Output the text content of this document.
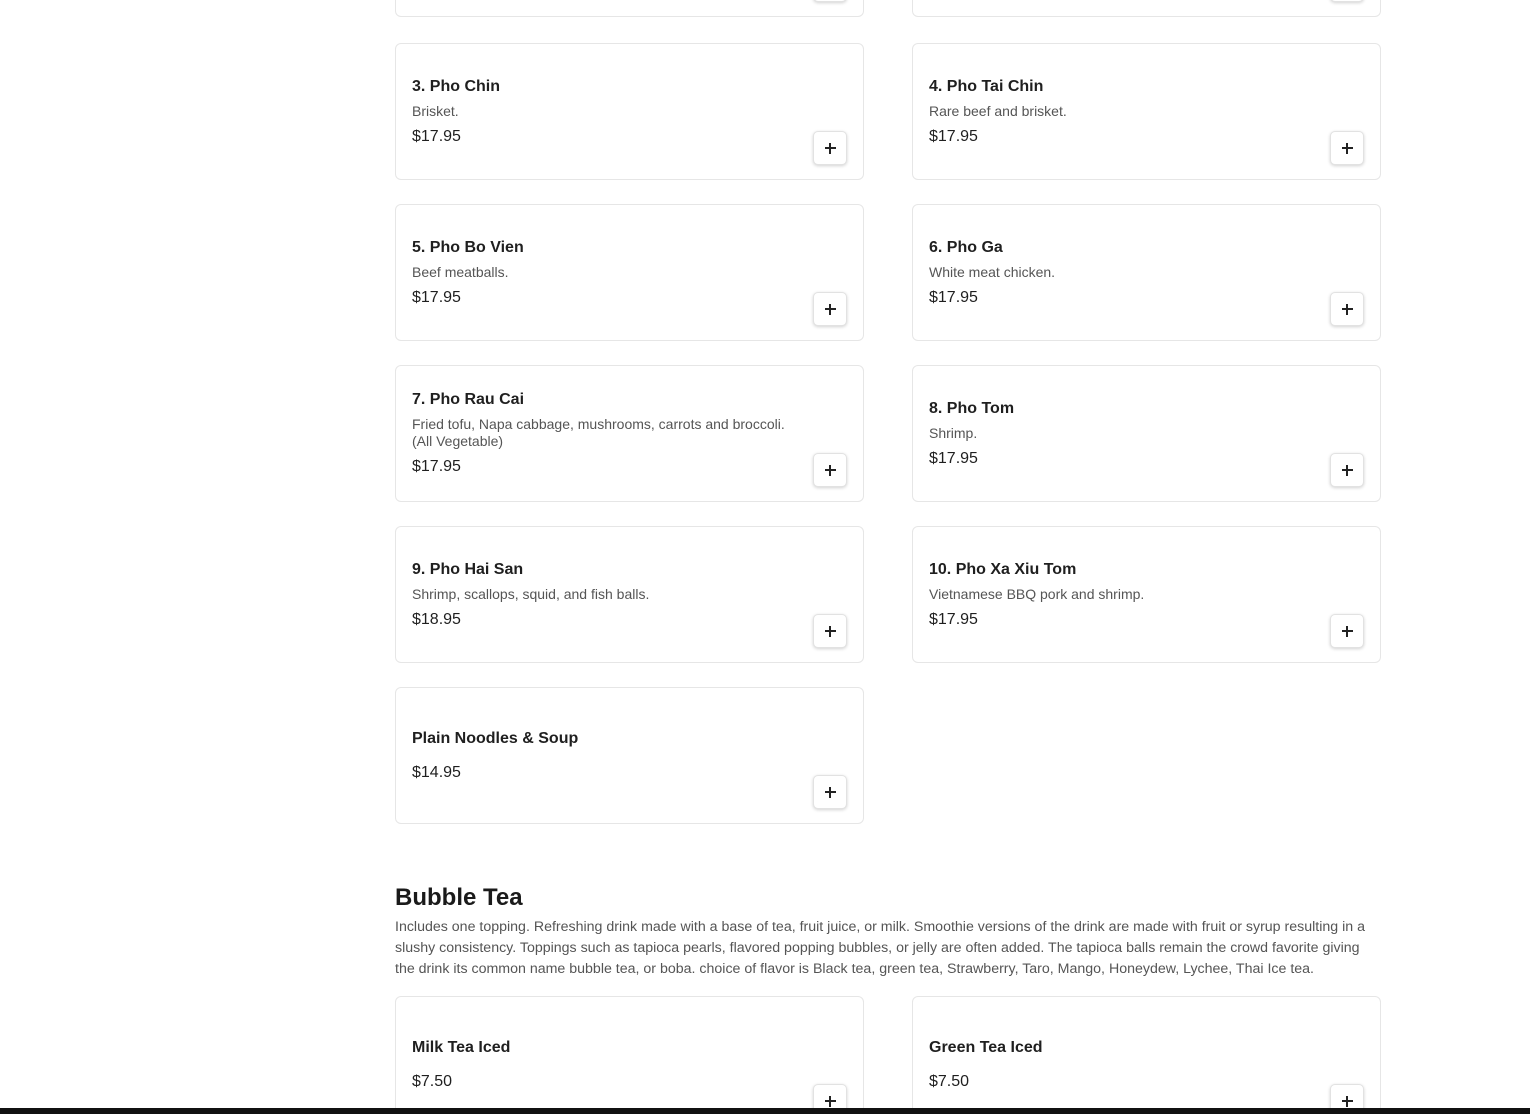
3. Pho Chin
Brisket.
$17.95
4. Pho Tai Chin
Rare beef and brisket.
$17.95
5. Pho Bo Vien
Beef meatballs.
$17.95
6. Pho Ga
White meat chicken.
$17.95
7. Pho Rau Cai
Fried tofu, Napa cabbage, mushrooms, carrots and broccoli. (All Vegetable)
$17.95
8. Pho Tom
Shrimp.
$17.95
9. Pho Hai San
Shrimp, scallops, squid, and fish balls.
$18.95
10. Pho Xa Xiu Tom
Vietnamese BBQ pork and shrimp.
$17.95
Plain Noodles & Soup
$14.95
Bubble Tea

Includes one topping. Refreshing drink made with a base of tea, fruit juice, or milk. Smoothie versions of the drink are made with fruit or syrup resulting in a slushy consistency. Toppings such as tapioca pearls, flavored popping bubbles, or jelly are often added. The tapioca balls remain the crowd favorite giving the drink its common name bubble tea, or boba. choice of flavor is Black tea, green tea, Strawberry, Taro, Mango, Honeydew, Lychee, Thai Ice tea.

Milk Tea Iced
$7.50
Green Tea Iced
$7.50
